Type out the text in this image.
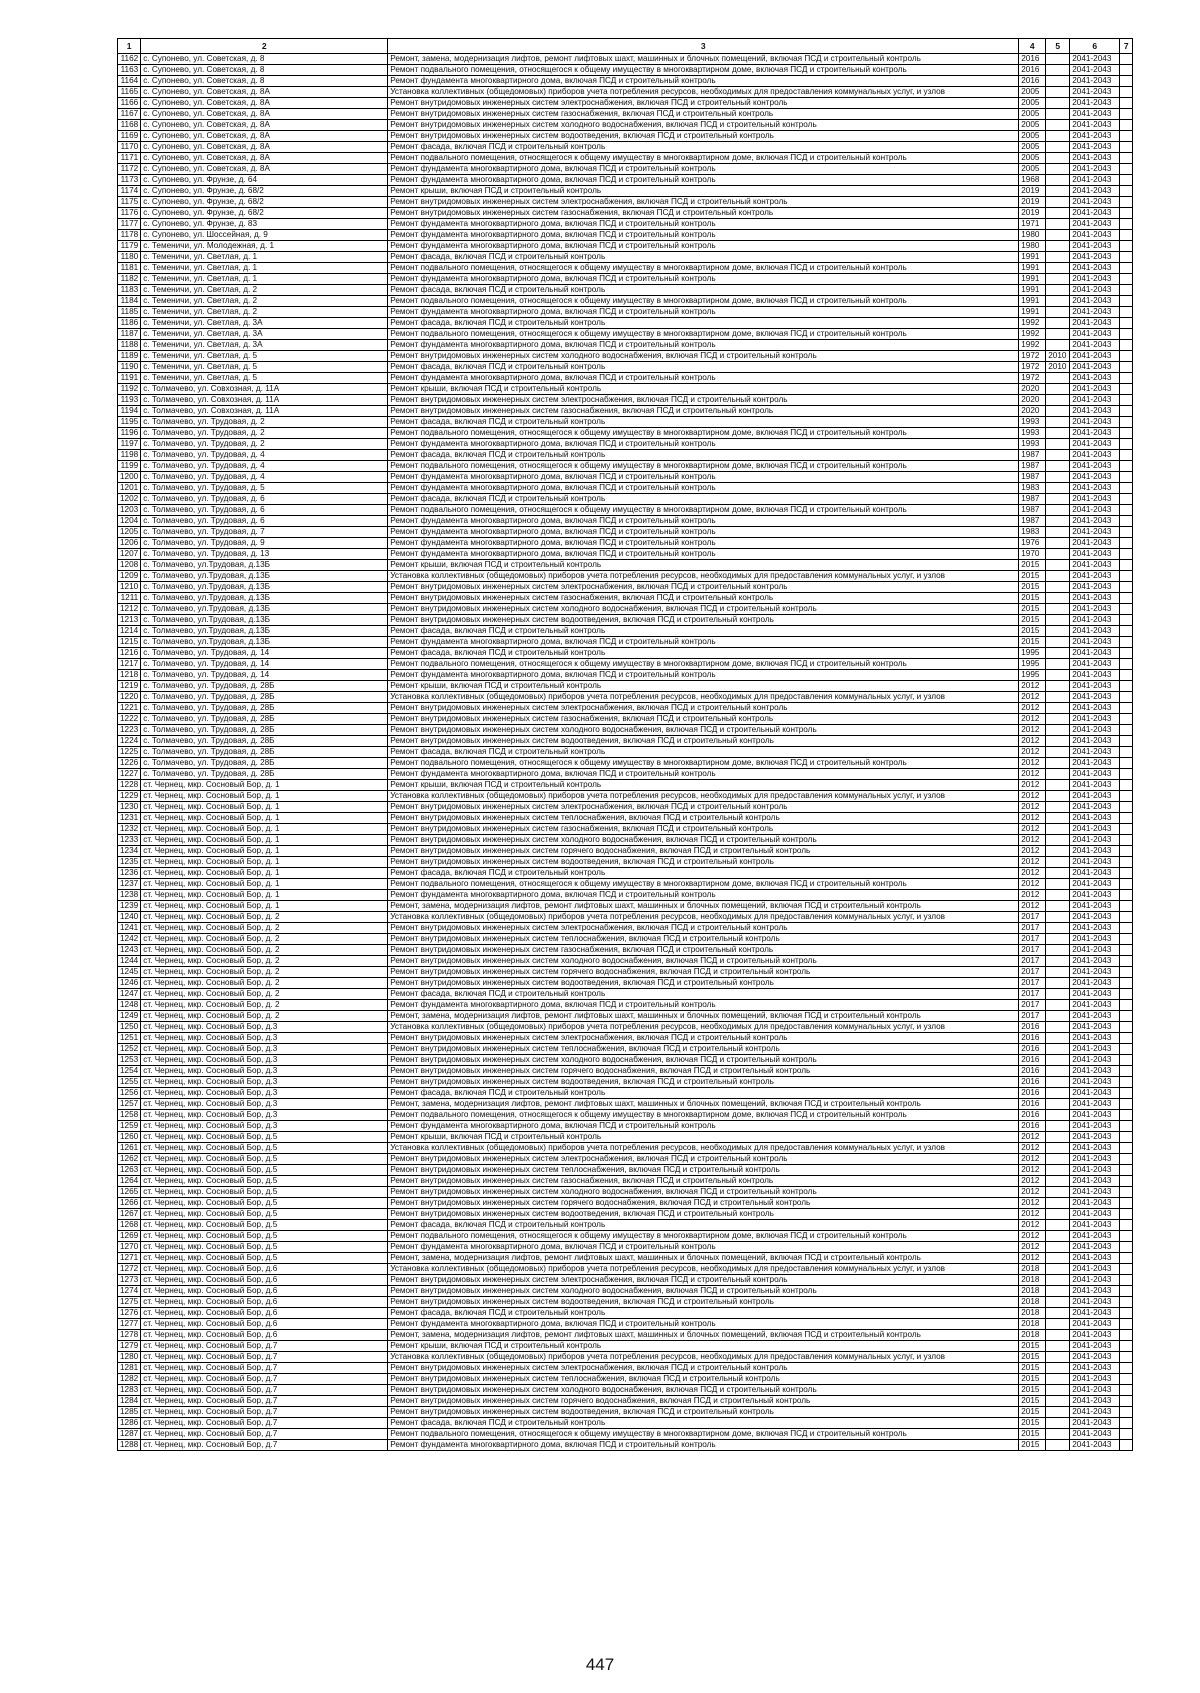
1	2	3	4	5	6	7
1162	с. Супонево, ул. Советская, д. 8	Ремонт, замена, модернизация лифтов, ремонт лифтовых шахт, машинных и блочных помещений, включая ПСД и строительный контроль	2016		2041-2043	
1163	с. Супонево, ул. Советская, д. 8	Ремонт подвального помещения, относящегося к общему имуществу в многоквартирном доме, включая ПСД и строительный контроль	2016		2041-2043	
1164	с. Супонево, ул. Советская, д. 8	Ремонт фундамента многоквартирного дома, включая ПСД и строительный контроль	2016		2041-2043	
1165	с. Супонево, ул. Советская, д. 8А	Установка коллективных (общедомовых) приборов учета потребления ресурсов, необходимых для предоставления коммунальных услуг, и узлов	2005		2041-2043	
1166	с. Супонево, ул. Советская, д. 8А	Ремонт внутридомовых инженерных систем электроснабжения, включая ПСД и строительный контроль	2005		2041-2043	
1167	с. Супонево, ул. Советская, д. 8А	Ремонт внутридомовых инженерных систем газоснабжения, включая ПСД и строительный контроль	2005		2041-2043	
1168	с. Супонево, ул. Советская, д. 8А	Ремонт внутридомовых инженерных систем холодного водоснабжения, включая ПСД и строительный контроль	2005		2041-2043	
1169	с. Супонево, ул. Советская, д. 8А	Ремонт внутридомовых инженерных систем водоотведения, включая ПСД и строительный контроль	2005		2041-2043	
1170	с. Супонево, ул. Советская, д. 8А	Ремонт фасада, включая ПСД и строительный контроль	2005		2041-2043	
1171	с. Супонево, ул. Советская, д. 8А	Ремонт подвального помещения, относящегося к общему имуществу в многоквартирном доме, включая ПСД и строительный контроль	2005		2041-2043	
1172	с. Супонево, ул. Советская, д. 8А	Ремонт фундамента многоквартирного дома, включая ПСД и строительный контроль	2005		2041-2043	
1173	с. Супонево, ул. Фрунзе, д. 64	Ремонт фундамента многоквартирного дома, включая ПСД и строительный контроль	1968		2041-2043	
1174	с. Супонево, ул. Фрунзе, д. 68/2	Ремонт крыши, включая ПСД и строительный контроль	2019		2041-2043	
1175	с. Супонево, ул. Фрунзе, д. 68/2	Ремонт внутридомовых инженерных систем электроснабжения, включая ПСД и строительный контроль	2019		2041-2043	
1176	с. Супонево, ул. Фрунзе, д. 68/2	Ремонт внутридомовых инженерных систем газоснабжения, включая ПСД и строительный контроль	2019		2041-2043	
1177	с. Супонево, ул. Фрунзе, д. 83	Ремонт фундамента многоквартирного дома, включая ПСД и строительный контроль	1971		2041-2043	
1178	с. Супонево, ул. Шоссейная, д. 9	Ремонт фундамента многоквартирного дома, включая ПСД и строительный контроль	1980		2041-2043	
1179	с. Теменичи, ул. Молодежная, д. 1	Ремонт фундамента многоквартирного дома, включая ПСД и строительный контроль	1980		2041-2043	
1180	с. Теменичи, ул. Светлая, д. 1	Ремонт фасада, включая ПСД и строительный контроль	1991		2041-2043	
1181	с. Теменичи, ул. Светлая, д. 1	Ремонт подвального помещения, относящегося к общему имуществу в многоквартирном доме, включая ПСД и строительный контроль	1991		2041-2043	
1182	с. Теменичи, ул. Светлая, д. 1	Ремонт фундамента многоквартирного дома, включая ПСД и строительный контроль	1991		2041-2043	
1183	с. Теменичи, ул. Светлая, д. 2	Ремонт фасада, включая ПСД и строительный контроль	1991		2041-2043	
1184	с. Теменичи, ул. Светлая, д. 2	Ремонт подвального помещения, относящегося к общему имуществу в многоквартирном доме, включая ПСД и строительный контроль	1991		2041-2043	
1185	с. Теменичи, ул. Светлая, д. 2	Ремонт фундамента многоквартирного дома, включая ПСД и строительный контроль	1991		2041-2043	
1186	с. Теменичи, ул. Светлая, д. 3А	Ремонт фасада, включая ПСД и строительный контроль	1992		2041-2043	
1187	с. Теменичи, ул. Светлая, д. 3А	Ремонт подвального помещения, относящегося к общему имуществу в многоквартирном доме, включая ПСД и строительный контроль	1992		2041-2043	
1188	с. Теменичи, ул. Светлая, д. 3А	Ремонт фундамента многоквартирного дома, включая ПСД и строительный контроль	1992		2041-2043	
1189	с. Теменичи, ул. Светлая, д. 5	Ремонт внутридомовых инженерных систем холодного водоснабжения, включая ПСД и строительный контроль	1972	2010	2041-2043	
1190	с. Теменичи, ул. Светлая, д. 5	Ремонт фасада, включая ПСД и строительный контроль	1972	2010	2041-2043	
1191	с. Теменичи, ул. Светлая, д. 5	Ремонт фундамента многоквартирного дома, включая ПСД и строительный контроль	1972		2041-2043	
1192	с. Толмачево, ул. Совхозная, д. 11А	Ремонт крыши, включая ПСД и строительный контроль	2020		2041-2043	
1193	с. Толмачево, ул. Совхозная, д. 11А	Ремонт внутридомовых инженерных систем электроснабжения, включая ПСД и строительный контроль	2020		2041-2043	
1194	с. Толмачево, ул. Совхозная, д. 11А	Ремонт внутридомовых инженерных систем газоснабжения, включая ПСД и строительный контроль	2020		2041-2043	
1195	с. Толмачево, ул. Трудовая, д. 2	Ремонт фасада, включая ПСД и строительный контроль	1993		2041-2043	
1196	с. Толмачево, ул. Трудовая, д. 2	Ремонт подвального помещения, относящегося к общему имуществу в многоквартирном доме, включая ПСД и строительный контроль	1993		2041-2043	
1197	с. Толмачево, ул. Трудовая, д. 2	Ремонт фундамента многоквартирного дома, включая ПСД и строительный контроль	1993		2041-2043	
1198	с. Толмачево, ул. Трудовая, д. 4	Ремонт фасада, включая ПСД и строительный контроль	1987		2041-2043	
1199	с. Толмачево, ул. Трудовая, д. 4	Ремонт подвального помещения, относящегося к общему имуществу в многоквартирном доме, включая ПСД и строительный контроль	1987		2041-2043	
1200	с. Толмачево, ул. Трудовая, д. 4	Ремонт фундамента многоквартирного дома, включая ПСД и строительный контроль	1987		2041-2043	
1201	с. Толмачево, ул. Трудовая, д. 5	Ремонт фундамента многоквартирного дома, включая ПСД и строительный контроль	1983		2041-2043	
1202	с. Толмачево, ул. Трудовая, д. 6	Ремонт фасада, включая ПСД и строительный контроль	1987		2041-2043	
1203	с. Толмачево, ул. Трудовая, д. 6	Ремонт подвального помещения, относящегося к общему имуществу в многоквартирном доме, включая ПСД и строительный контроль	1987		2041-2043	
1204	с. Толмачево, ул. Трудовая, д. 6	Ремонт фундамента многоквартирного дома, включая ПСД и строительный контроль	1987		2041-2043	
1205	с. Толмачево, ул. Трудовая, д. 7	Ремонт фундамента многоквартирного дома, включая ПСД и строительный контроль	1983		2041-2043	
1206	с. Толмачево, ул. Трудовая, д. 9	Ремонт фундамента многоквартирного дома, включая ПСД и строительный контроль	1976		2041-2043	
1207	с. Толмачево, ул. Трудовая, д. 13	Ремонт фундамента многоквартирного дома, включая ПСД и строительный контроль	1970		2041-2043	
1208	с. Толмачево, ул.Трудовая, д.13Б	Ремонт крыши, включая ПСД и строительный контроль	2015		2041-2043	
1209	с. Толмачево, ул.Трудовая, д.13Б	Установка коллективных (общедомовых) приборов учета потребления ресурсов, необходимых для предоставления коммунальных услуг, и узлов	2015		2041-2043	
1210	с. Толмачево, ул.Трудовая, д.13Б	Ремонт внутридомовых инженерных систем электроснабжения, включая ПСД и строительный контроль	2015		2041-2043	
1211	с. Толмачево, ул.Трудовая, д.13Б	Ремонт внутридомовых инженерных систем газоснабжения, включая ПСД и строительный контроль	2015		2041-2043	
1212	с. Толмачево, ул.Трудовая, д.13Б	Ремонт внутридомовых инженерных систем холодного водоснабжения, включая ПСД и строительный контроль	2015		2041-2043	
1213	с. Толмачево, ул.Трудовая, д.13Б	Ремонт внутридомовых инженерных систем водоотведения, включая ПСД и строительный контроль	2015		2041-2043	
1214	с. Толмачево, ул.Трудовая, д.13Б	Ремонт фасада, включая ПСД и строительный контроль	2015		2041-2043	
1215	с. Толмачево, ул.Трудовая, д.13Б	Ремонт фундамента многоквартирного дома, включая ПСД и строительный контроль	2015		2041-2043	
1216	с. Толмачево, ул. Трудовая, д. 14	Ремонт фасада, включая ПСД и строительный контроль	1995		2041-2043	
1217	с. Толмачево, ул. Трудовая, д. 14	Ремонт подвального помещения, относящегося к общему имуществу в многоквартирном доме, включая ПСД и строительный контроль	1995		2041-2043	
1218	с. Толмачево, ул. Трудовая, д. 14	Ремонт фундамента многоквартирного дома, включая ПСД и строительный контроль	1995		2041-2043	
1219	с. Толмачево, ул. Трудовая, д. 28Б	Ремонт крыши, включая ПСД и строительный контроль	2012		2041-2043	
1220	с. Толмачево, ул. Трудовая, д. 28Б	Установка коллективных (общедомовых) приборов учета потребления ресурсов, необходимых для предоставления коммунальных услуг, и узлов	2012		2041-2043	
1221	с. Толмачево, ул. Трудовая, д. 28Б	Ремонт внутридомовых инженерных систем электроснабжения, включая ПСД и строительный контроль	2012		2041-2043	
1222	с. Толмачево, ул. Трудовая, д. 28Б	Ремонт внутридомовых инженерных систем газоснабжения, включая ПСД и строительный контроль	2012		2041-2043	
1223	с. Толмачево, ул. Трудовая, д. 28Б	Ремонт внутридомовых инженерных систем холодного водоснабжения, включая ПСД и строительный контроль	2012		2041-2043	
1224	с. Толмачево, ул. Трудовая, д. 28Б	Ремонт внутридомовых инженерных систем водоотведения, включая ПСД и строительный контроль	2012		2041-2043	
1225	с. Толмачево, ул. Трудовая, д. 28Б	Ремонт фасада, включая ПСД и строительный контроль	2012		2041-2043	
1226	с. Толмачево, ул. Трудовая, д. 28Б	Ремонт подвального помещения, относящегося к общему имуществу в многоквартирном доме, включая ПСД и строительный контроль	2012		2041-2043	
1227	с. Толмачево, ул. Трудовая, д. 28Б	Ремонт фундамента многоквартирного дома, включая ПСД и строительный контроль	2012		2041-2043	
1228	ст. Чернец, мкр. Сосновый Бор, д. 1	Ремонт крыши, включая ПСД и строительный контроль	2012		2041-2043	
1229	ст. Чернец, мкр. Сосновый Бор, д. 1	Установка коллективных (общедомовых) приборов учета потребления ресурсов, необходимых для предоставления коммунальных услуг, и узлов	2012		2041-2043	
1230	ст. Чернец, мкр. Сосновый Бор, д. 1	Ремонт внутридомовых инженерных систем электроснабжения, включая ПСД и строительный контроль	2012		2041-2043	
1231	ст. Чернец, мкр. Сосновый Бор, д. 1	Ремонт внутридомовых инженерных систем теплоснабжения, включая ПСД и строительный контроль	2012		2041-2043	
1232	ст. Чернец, мкр. Сосновый Бор, д. 1	Ремонт внутридомовых инженерных систем газоснабжения, включая ПСД и строительный контроль	2012		2041-2043	
1233	ст. Чернец, мкр. Сосновый Бор, д. 1	Ремонт внутридомовых инженерных систем холодного водоснабжения, включая ПСД и строительный контроль	2012		2041-2043	
1234	ст. Чернец, мкр. Сосновый Бор, д. 1	Ремонт внутридомовых инженерных систем горячего водоснабжения, включая ПСД и строительный контроль	2012		2041-2043	
1235	ст. Чернец, мкр. Сосновый Бор, д. 1	Ремонт внутридомовых инженерных систем водоотведения, включая ПСД и строительный контроль	2012		2041-2043	
1236	ст. Чернец, мкр. Сосновый Бор, д. 1	Ремонт фасада, включая ПСД и строительный контроль	2012		2041-2043	
1237	ст. Чернец, мкр. Сосновый Бор, д. 1	Ремонт подвального помещения, относящегося к общему имуществу в многоквартирном доме, включая ПСД и строительный контроль	2012		2041-2043	
1238	ст. Чернец, мкр. Сосновый Бор, д. 1	Ремонт фундамента многоквартирного дома, включая ПСД и строительный контроль	2012		2041-2043	
1239	ст. Чернец, мкр. Сосновый Бор, д. 1	Ремонт, замена, модернизация лифтов, ремонт лифтовых шахт, машинных и блочных помещений, включая ПСД и строительный контроль	2012		2041-2043	
1240	ст. Чернец, мкр. Сосновый Бор, д. 2	Установка коллективных (общедомовых) приборов учета потребления ресурсов, необходимых для предоставления коммунальных услуг, и узлов	2017		2041-2043	
1241	ст. Чернец, мкр. Сосновый Бор, д. 2	Ремонт внутридомовых инженерных систем электроснабжения, включая ПСД и строительный контроль	2017		2041-2043	
1242	ст. Чернец, мкр. Сосновый Бор, д. 2	Ремонт внутридомовых инженерных систем теплоснабжения, включая ПСД и строительный контроль	2017		2041-2043	
1243	ст. Чернец, мкр. Сосновый Бор, д. 2	Ремонт внутридомовых инженерных систем газоснабжения, включая ПСД и строительный контроль	2017		2041-2043	
1244	ст. Чернец, мкр. Сосновый Бор, д. 2	Ремонт внутридомовых инженерных систем холодного водоснабжения, включая ПСД и строительный контроль	2017		2041-2043	
1245	ст. Чернец, мкр. Сосновый Бор, д. 2	Ремонт внутридомовых инженерных систем горячего водоснабжения, включая ПСД и строительный контроль	2017		2041-2043	
1246	ст. Чернец, мкр. Сосновый Бор, д. 2	Ремонт внутридомовых инженерных систем водоотведения, включая ПСД и строительный контроль	2017		2041-2043	
1247	ст. Чернец, мкр. Сосновый Бор, д. 2	Ремонт фасада, включая ПСД и строительный контроль	2017		2041-2043	
1248	ст. Чернец, мкр. Сосновый Бор, д. 2	Ремонт фундамента многоквартирного дома, включая ПСД и строительный контроль	2017		2041-2043	
1249	ст. Чернец, мкр. Сосновый Бор, д. 2	Ремонт, замена, модернизация лифтов, ремонт лифтовых шахт, машинных и блочных помещений, включая ПСД и строительный контроль	2017		2041-2043	
1250	ст. Чернец, мкр. Сосновый Бор, д.3	Установка коллективных (общедомовых) приборов учета потребления ресурсов, необходимых для предоставления коммунальных услуг, и узлов	2016		2041-2043	
1251	ст. Чернец, мкр. Сосновый Бор, д.3	Ремонт внутридомовых инженерных систем электроснабжения, включая ПСД и строительный контроль	2016		2041-2043	
1252	ст. Чернец, мкр. Сосновый Бор, д.3	Ремонт внутридомовых инженерных систем теплоснабжения, включая ПСД и строительный контроль	2016		2041-2043	
1253	ст. Чернец, мкр. Сосновый Бор, д.3	Ремонт внутридомовых инженерных систем холодного водоснабжения, включая ПСД и строительный контроль	2016		2041-2043	
1254	ст. Чернец, мкр. Сосновый Бор, д.3	Ремонт внутридомовых инженерных систем горячего водоснабжения, включая ПСД и строительный контроль	2016		2041-2043	
1255	ст. Чернец, мкр. Сосновый Бор, д.3	Ремонт внутридомовых инженерных систем водоотведения, включая ПСД и строительный контроль	2016		2041-2043	
1256	ст. Чернец, мкр. Сосновый Бор, д.3	Ремонт фасада, включая ПСД и строительный контроль	2016		2041-2043	
1257	ст. Чернец, мкр. Сосновый Бор, д.3	Ремонт, замена, модернизация лифтов, ремонт лифтовых шахт, машинных и блочных помещений, включая ПСД и строительный контроль	2016		2041-2043	
1258	ст. Чернец, мкр. Сосновый Бор, д.3	Ремонт подвального помещения, относящегося к общему имуществу в многоквартирном доме, включая ПСД и строительный контроль	2016		2041-2043	
1259	ст. Чернец, мкр. Сосновый Бор, д.3	Ремонт фундамента многоквартирного дома, включая ПСД и строительный контроль	2016		2041-2043	
1260	ст. Чернец, мкр. Сосновый Бор, д.5	Ремонт крыши, включая ПСД и строительный контроль	2012		2041-2043	
1261	ст. Чернец, мкр. Сосновый Бор, д.5	Установка коллективных (общедомовых) приборов учета потребления ресурсов, необходимых для предоставления коммунальных услуг, и узлов	2012		2041-2043	
1262	ст. Чернец, мкр. Сосновый Бор, д.5	Ремонт внутридомовых инженерных систем электроснабжения, включая ПСД и строительный контроль	2012		2041-2043	
1263	ст. Чернец, мкр. Сосновый Бор, д.5	Ремонт внутридомовых инженерных систем теплоснабжения, включая ПСД и строительный контроль	2012		2041-2043	
1264	ст. Чернец, мкр. Сосновый Бор, д.5	Ремонт внутридомовых инженерных систем газоснабжения, включая ПСД и строительный контроль	2012		2041-2043	
1265	ст. Чернец, мкр. Сосновый Бор, д.5	Ремонт внутридомовых инженерных систем холодного водоснабжения, включая ПСД и строительный контроль	2012		2041-2043	
1266	ст. Чернец, мкр. Сосновый Бор, д.5	Ремонт внутридомовых инженерных систем горячего водоснабжения, включая ПСД и строительный контроль	2012		2041-2043	
1267	ст. Чернец, мкр. Сосновый Бор, д.5	Ремонт внутридомовых инженерных систем водоотведения, включая ПСД и строительный контроль	2012		2041-2043	
1268	ст. Чернец, мкр. Сосновый Бор, д.5	Ремонт фасада, включая ПСД и строительный контроль	2012		2041-2043	
1269	ст. Чернец, мкр. Сосновый Бор, д.5	Ремонт подвального помещения, относящегося к общему имуществу в многоквартирном доме, включая ПСД и строительный контроль	2012		2041-2043	
1270	ст. Чернец, мкр. Сосновый Бор, д.5	Ремонт фундамента многоквартирного дома, включая ПСД и строительный контроль	2012		2041-2043	
1271	ст. Чернец, мкр. Сосновый Бор, д.5	Ремонт, замена, модернизация лифтов, ремонт лифтовых шахт, машинных и блочных помещений, включая ПСД и строительный контроль	2012		2041-2043	
1272	ст. Чернец, мкр. Сосновый Бор, д.6	Установка коллективных (общедомовых) приборов учета потребления ресурсов, необходимых для предоставления коммунальных услуг, и узлов	2018		2041-2043	
1273	ст. Чернец, мкр. Сосновый Бор, д.6	Ремонт внутридомовых инженерных систем электроснабжения, включая ПСД и строительный контроль	2018		2041-2043	
1274	ст. Чернец, мкр. Сосновый Бор, д.6	Ремонт внутридомовых инженерных систем холодного водоснабжения, включая ПСД и строительный контроль	2018		2041-2043	
1275	ст. Чернец, мкр. Сосновый Бор, д.6	Ремонт внутридомовых инженерных систем водоотведения, включая ПСД и строительный контроль	2018		2041-2043	
1276	ст. Чернец, мкр. Сосновый Бор, д.6	Ремонт фасада, включая ПСД и строительный контроль	2018		2041-2043	
1277	ст. Чернец, мкр. Сосновый Бор, д.6	Ремонт фундамента многоквартирного дома, включая ПСД и строительный контроль	2018		2041-2043	
1278	ст. Чернец, мкр. Сосновый Бор, д.6	Ремонт, замена, модернизация лифтов, ремонт лифтовых шахт, машинных и блочных помещений, включая ПСД и строительный контроль	2018		2041-2043	
1279	ст. Чернец, мкр. Сосновый Бор, д.7	Ремонт крыши, включая ПСД и строительный контроль	2015		2041-2043	
1280	ст. Чернец, мкр. Сосновый Бор, д.7	Установка коллективных (общедомовых) приборов учета потребления ресурсов, необходимых для предоставления коммунальных услуг, и узлов	2015		2041-2043	
1281	ст. Чернец, мкр. Сосновый Бор, д.7	Ремонт внутридомовых инженерных систем электроснабжения, включая ПСД и строительный контроль	2015		2041-2043	
1282	ст. Чернец, мкр. Сосновый Бор, д.7	Ремонт внутридомовых инженерных систем теплоснабжения, включая ПСД и строительный контроль	2015		2041-2043	
1283	ст. Чернец, мкр. Сосновый Бор, д.7	Ремонт внутридомовых инженерных систем холодного водоснабжения, включая ПСД и строительный контроль	2015		2041-2043	
1284	ст. Чернец, мкр. Сосновый Бор, д.7	Ремонт внутридомовых инженерных систем горячего водоснабжения, включая ПСД и строительный контроль	2015		2041-2043	
1285	ст. Чернец, мкр. Сосновый Бор, д.7	Ремонт внутридомовых инженерных систем водоотведения, включая ПСД и строительный контроль	2015		2041-2043	
1286	ст. Чернец, мкр. Сосновый Бор, д.7	Ремонт фасада, включая ПСД и строительный контроль	2015		2041-2043	
1287	ст. Чернец, мкр. Сосновый Бор, д.7	Ремонт подвального помещения, относящегося к общему имуществу в многоквартирном доме, включая ПСД и строительный контроль	2015		2041-2043	
1288	ст. Чернец, мкр. Сосновый Бор, д.7	Ремонт фундамента многоквартирного дома, включая ПСД и строительный контроль	2015		2041-2043	
447
